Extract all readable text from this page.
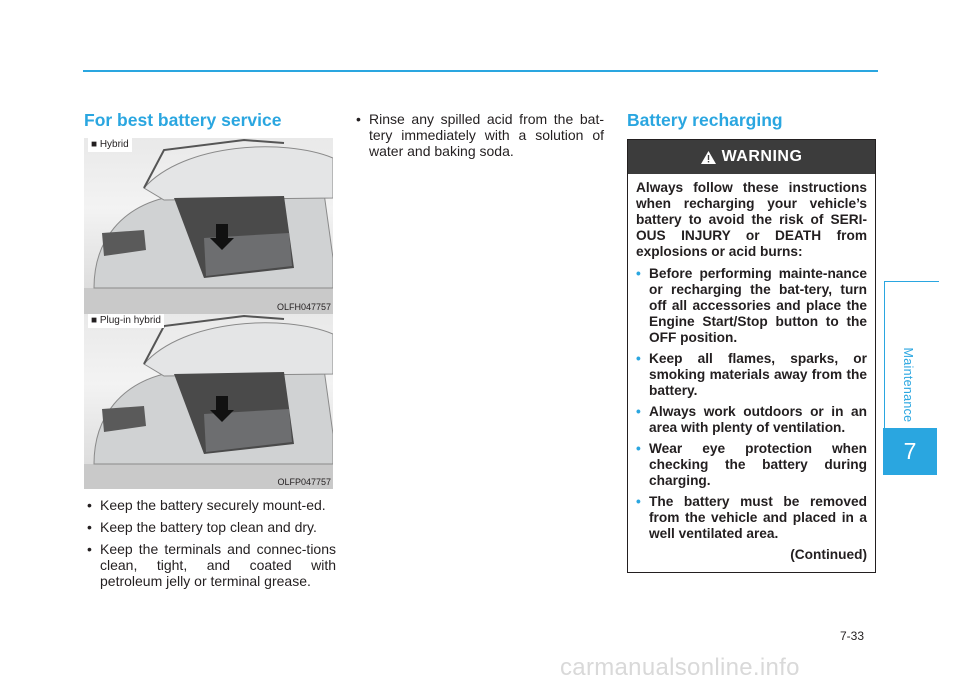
Maintenance
7
For best battery service
■ Hybrid
OLFH047757
■ Plug-in hybrid
OLFP047757
• Keep the battery securely mount-ed.
• Keep the battery top clean and dry.
• Keep the terminals and connec-tions clean, tight, and coated with petroleum jelly or terminal grease.
• Rinse any spilled acid from the bat-tery immediately with a solution of water and baking soda.
Battery recharging
WARNING

Always follow these instructions when recharging your vehicle’s battery to avoid the risk of SERI-OUS INJURY or DEATH from explosions or acid burns:

• Before performing mainte-nance or recharging the bat-tery, turn off all accessories and place the Engine Start/Stop button to the OFF position.
• Keep all flames, sparks, or smoking materials away from the battery.
• Always work outdoors or in an area with plenty of ventilation.
• Wear eye protection when checking the battery during charging.
• The battery must be removed from the vehicle and placed in a well ventilated area.
(Continued)
7-33
carmanualsonline.info
